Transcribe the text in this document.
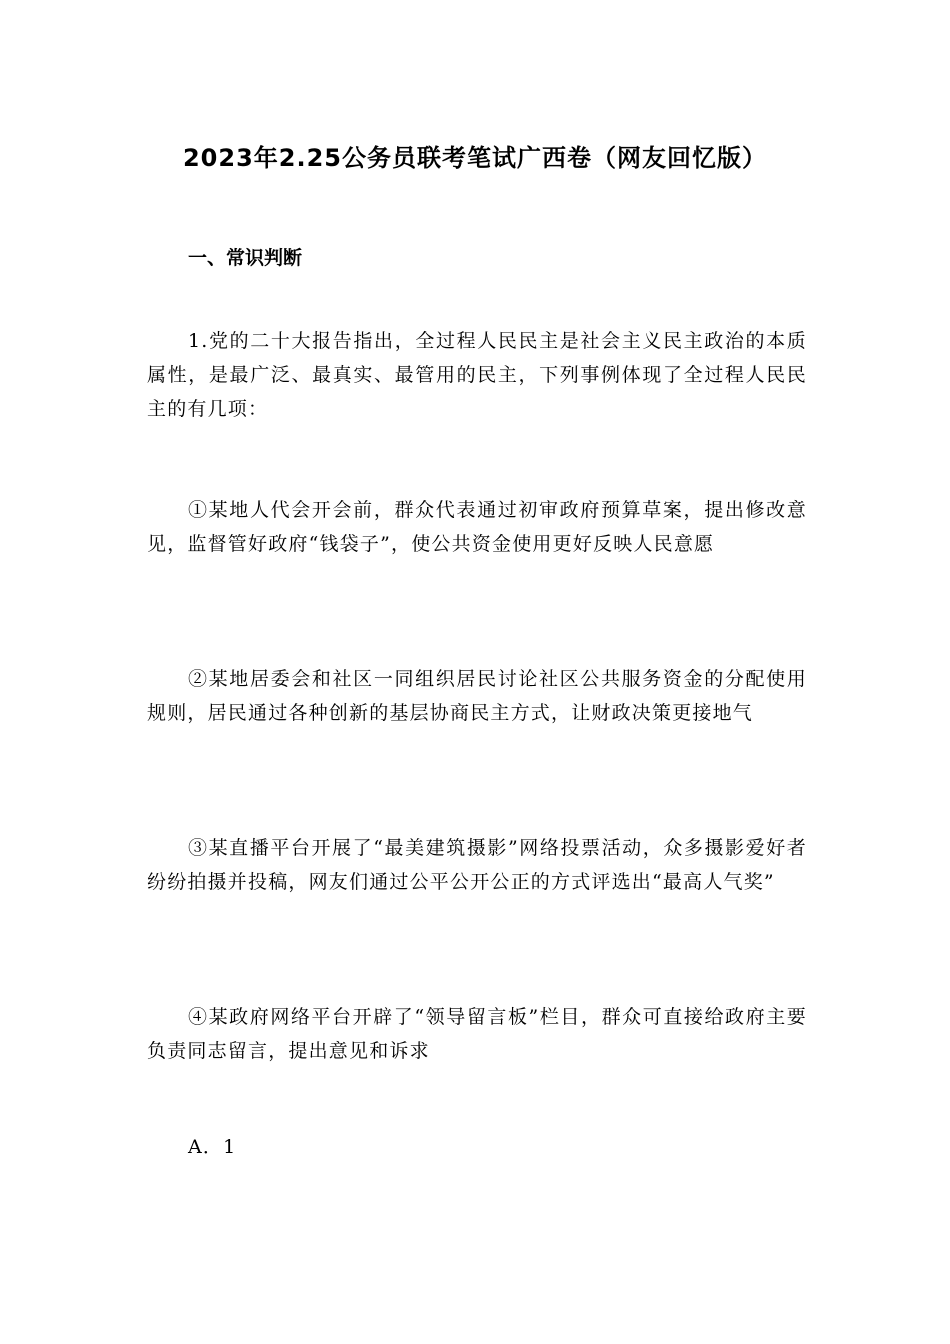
2023年2.25公务员联考笔试广西卷（网友回忆版）
一、常识判断

1.党的二十大报告指出，全过程人民民主是社会主义民主政治的本质属性，是最广泛、最真实、最管用的民主，下列事例体现了全过程人民民主的有几项：

①某地人代会开会前，群众代表通过初审政府预算草案，提出修改意见，监督管好政府“钱袋子”，使公共资金使用更好反映人民意愿

②某地居委会和社区一同组织居民讨论社区公共服务资金的分配使用规则，居民通过各种创新的基层协商民主方式，让财政决策更接地气

③某直播平台开展了“最美建筑摄影”网络投票活动，众多摄影爱好者纷纷拍摄并投稿，网友们通过公平公开公正的方式评选出“最高人气奖”

④某政府网络平台开辟了“领导留言板”栏目，群众可直接给政府主要负责同志留言，提出意见和诉求

A．1
